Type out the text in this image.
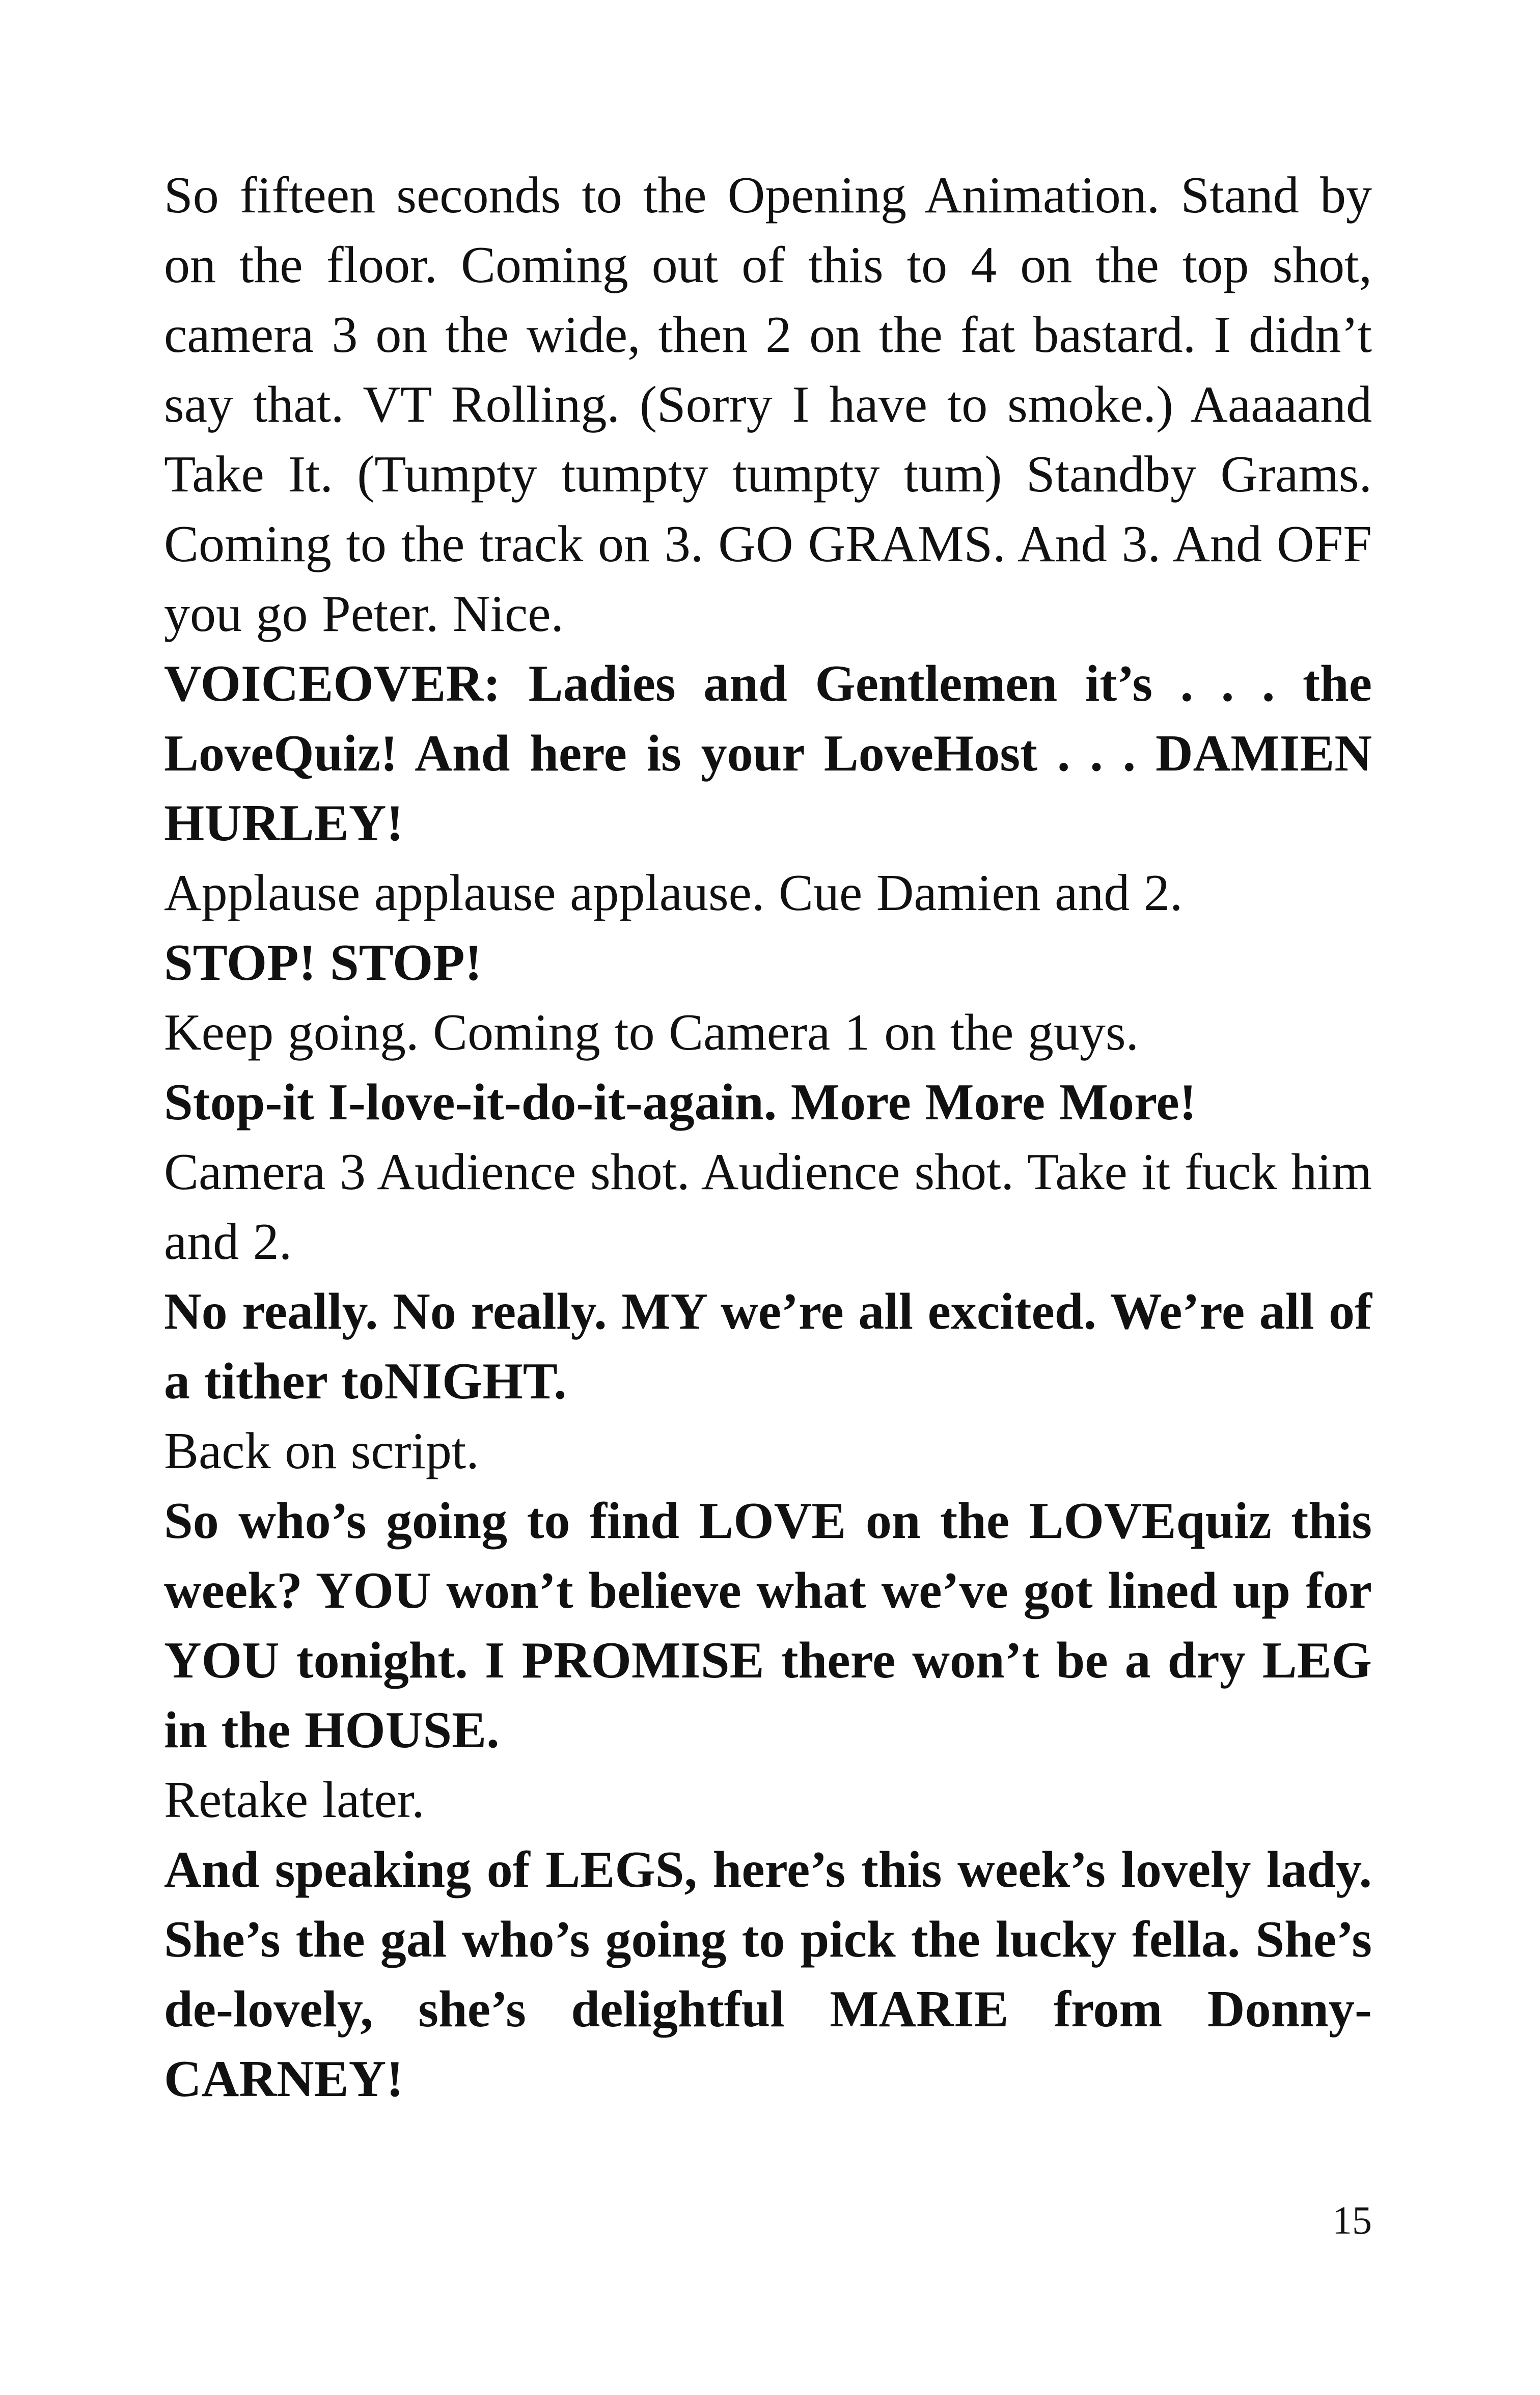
So fifteen seconds to the Opening Animation. Stand by on the floor. Coming out of this to 4 on the top shot, camera 3 on the wide, then 2 on the fat bastard. I didn’t say that. VT Rolling. (Sorry I have to smoke.) Aaaaand Take It. (Tumpty tumpty tumpty tum) Standby Grams. Coming to the track on 3. GO GRAMS. And 3. And OFF you go Peter. Nice.

VOICEOVER: Ladies and Gentlemen it’s . . . the LoveQuiz! And here is your LoveHost . . . DAMIEN HURLEY!

Applause applause applause. Cue Damien and 2.

STOP! STOP!

Keep going. Coming to Camera 1 on the guys.

Stop-it I-love-it-do-it-again. More More More!

Camera 3 Audience shot. Audience shot. Take it fuck him and 2.

No really. No really. MY we’re all excited. We’re all of a tither toNIGHT.

Back on script.

So who’s going to find LOVE on the LOVEquiz this week? YOU won’t believe what we’ve got lined up for YOU tonight. I PROMISE there won’t be a dry LEG in the HOUSE.

Retake later.

And speaking of LEGS, here’s this week’s lovely lady. She’s the gal who’s going to pick the lucky fella. She’s de-lovely, she’s delightful MARIE from Donny-CARNEY!

15
